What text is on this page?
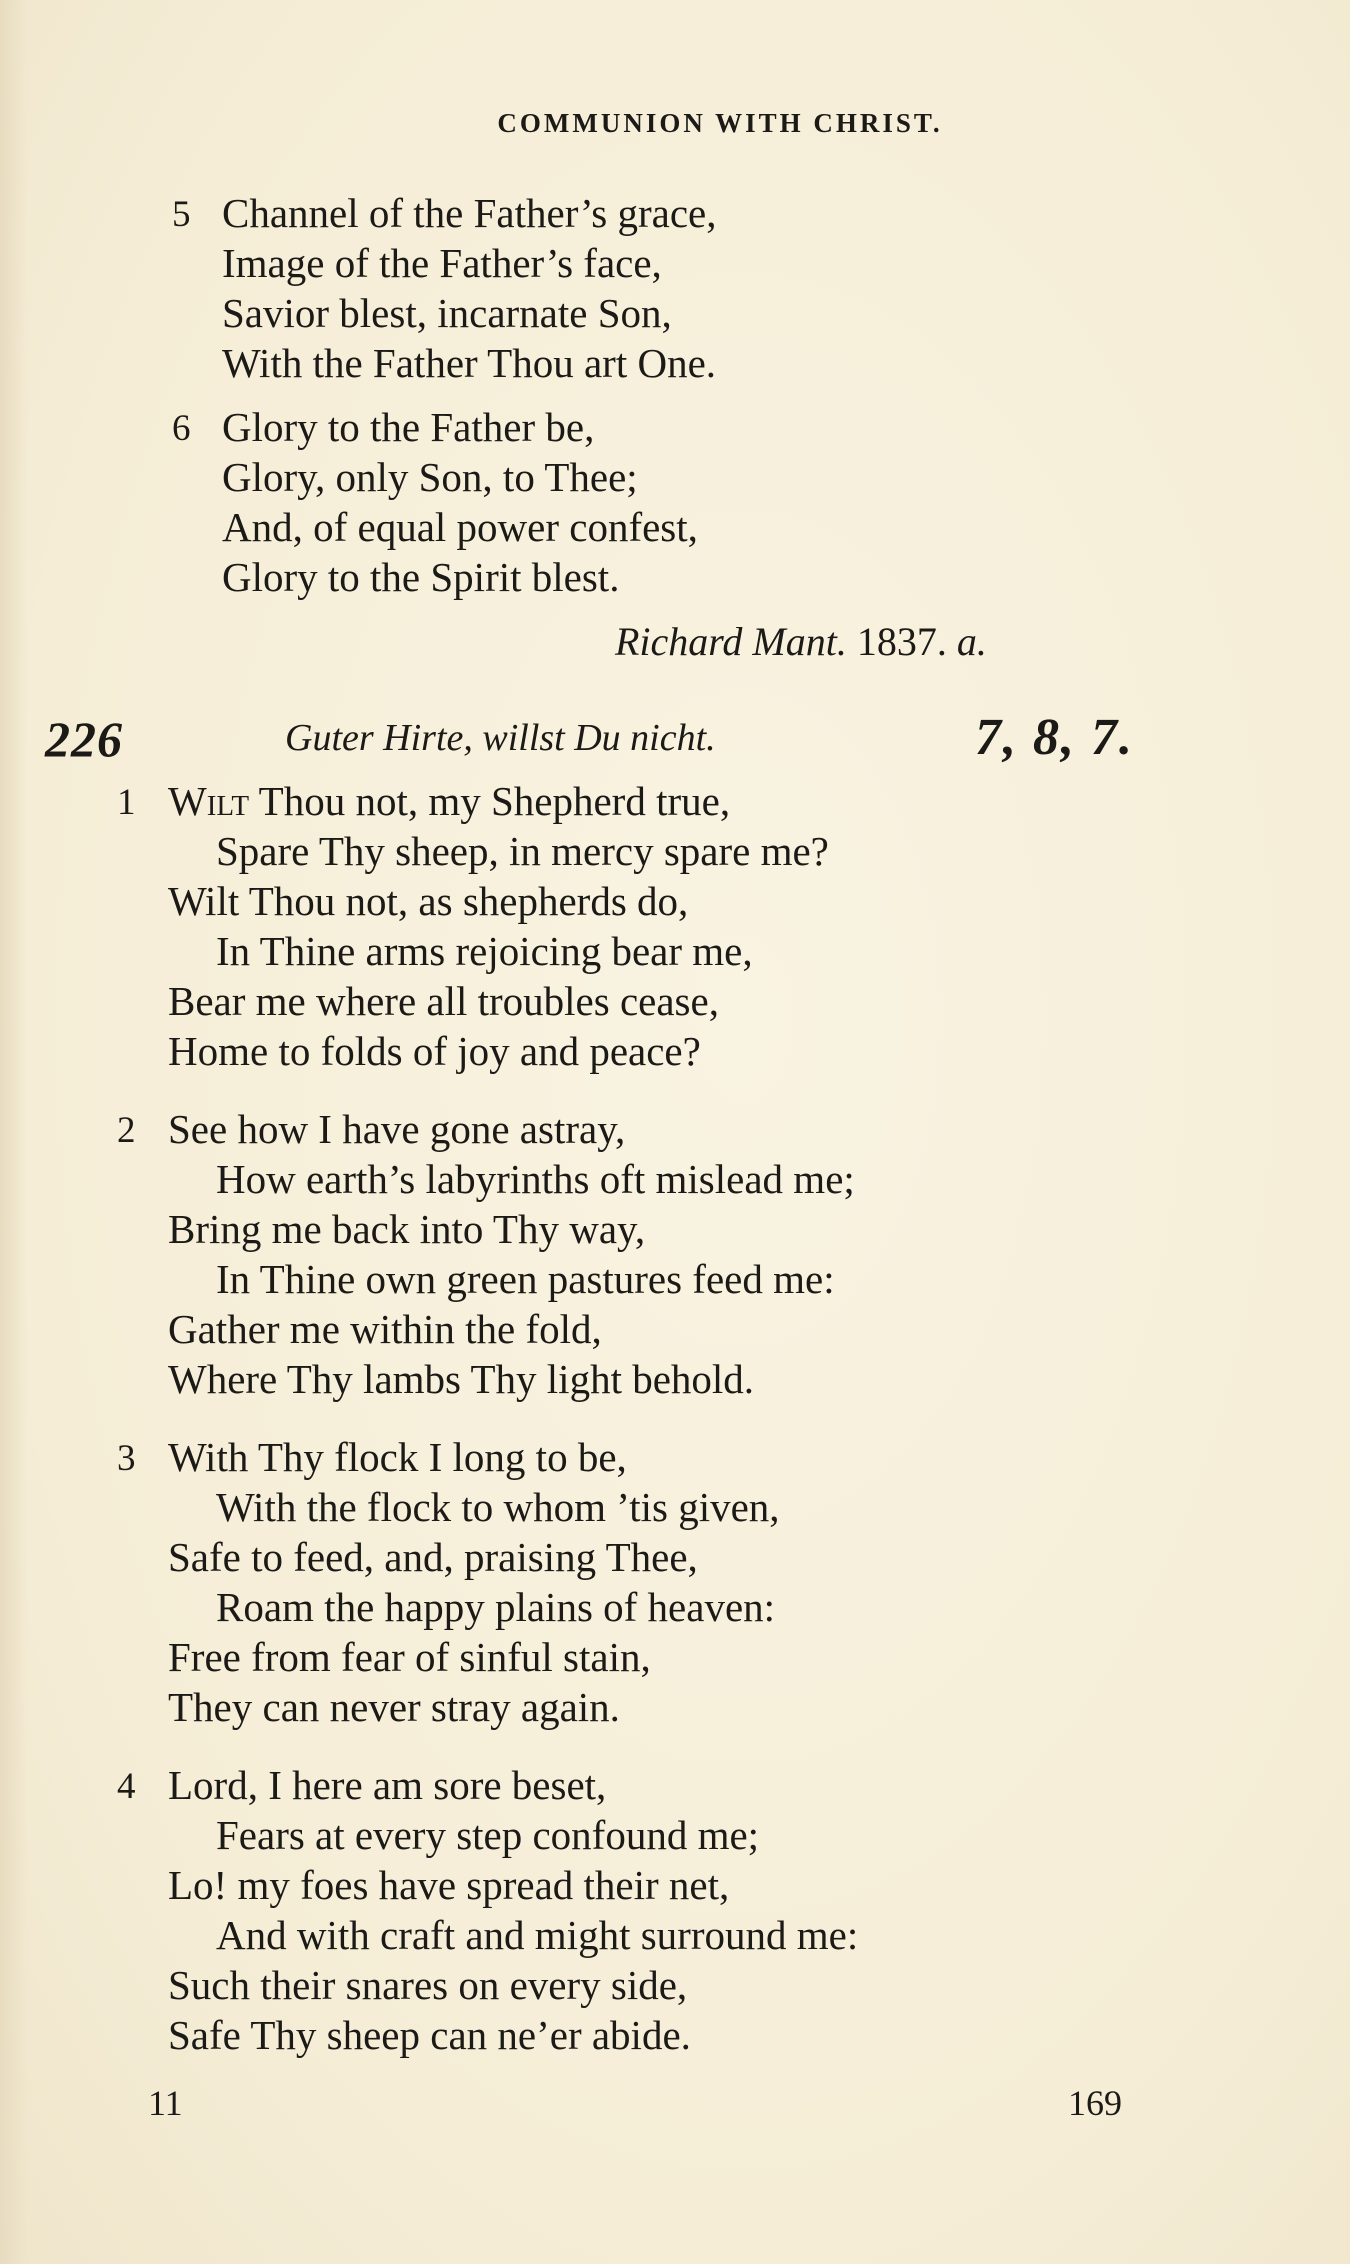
COMMUNION WITH CHRIST.
5 Channel of the Father’s grace,
Image of the Father’s face,
Savior blest, incarnate Son,
With the Father Thou art One.
6 Glory to the Father be,
Glory, only Son, to Thee;
And, of equal power confest,
Glory to the Spirit blest.
Richard Mant. 1837. a.
226	Guter Hirte, willst Du nicht.	7, 8, 7.
1 Wilt Thou not, my Shepherd true,
Spare Thy sheep, in mercy spare me?
Wilt Thou not, as shepherds do,
In Thine arms rejoicing bear me,
Bear me where all troubles cease,
Home to folds of joy and peace?
2 See how I have gone astray,
How earth’s labyrinths oft mislead me;
Bring me back into Thy way,
In Thine own green pastures feed me:
Gather me within the fold,
Where Thy lambs Thy light behold.
3 With Thy flock I long to be,
With the flock to whom ’tis given,
Safe to feed, and, praising Thee,
Roam the happy plains of heaven:
Free from fear of sinful stain,
They can never stray again.
4 Lord, I here am sore beset,
Fears at every step confound me;
Lo! my foes have spread their net,
And with craft and might surround me:
Such their snares on every side,
Safe Thy sheep can ne’er abide.
11	169
